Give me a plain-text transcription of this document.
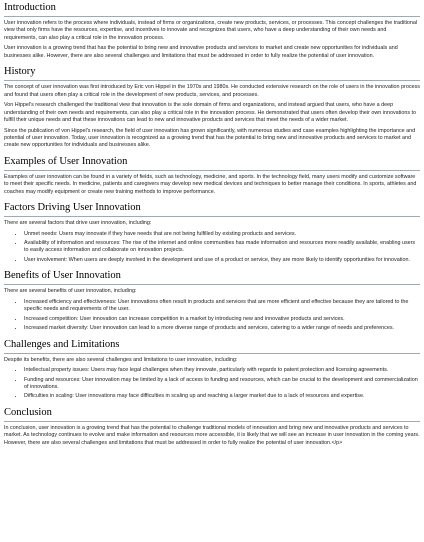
Introduction

User innovation refers to the process where individuals, instead of firms or organizations, create new products, services, or processes. This concept challenges the traditional view that only firms have the resources, expertise, and incentives to innovate and recognizes that users, who have a deep understanding of their own needs and requirements, can also play a critical role in the innovation process.

User innovation is a growing trend that has the potential to bring new and innovative products and services to market and create new opportunities for individuals and businesses alike. However, there are also several challenges and limitations that must be addressed in order to fully realize the potential of user innovation.

History

The concept of user innovation was first introduced by Eric von Hippel in the 1970s and 1980s. He conducted extensive research on the role of users in the innovation process and found that users often play a critical role in the development of new products, services, and processes.

Von Hippel's research challenged the traditional view that innovation is the sole domain of firms and organizations, and instead argued that users, who have a deep understanding of their own needs and requirements, can also play a critical role in the innovation process. He demonstrated that users often develop their own innovations to fulfill their unique needs and that these innovations can lead to new and innovative products and services that meet the needs of a wider market.

Since the publication of von Hippel's research, the field of user innovation has grown significantly, with numerous studies and case examples highlighting the importance and potential of user innovation. Today, user innovation is recognized as a growing trend that has the potential to bring new and innovative products and services to market and create new opportunities for individuals and businesses alike.

Examples of User Innovation

Examples of user innovation can be found in a variety of fields, such as technology, medicine, and sports. In the technology field, many users modify and customize software to meet their specific needs. In medicine, patients and caregivers may develop new medical devices and techniques to better manage their conditions. In sports, athletes and coaches may modify equipment or create new training methods to improve performance.

Factors Driving User Innovation

There are several factors that drive user innovation, including:

• Unmet needs: Users may innovate if they have needs that are not being fulfilled by existing products and services.
• Availability of information and resources: The rise of the internet and online communities has made information and resources more readily available, enabling users to easily access information and collaborate on innovation projects.
• User involvement: When users are deeply involved in the development and use of a product or service, they are more likely to identify opportunities for innovation.
Benefits of User Innovation

There are several benefits of user innovation, including:

• Increased efficiency and effectiveness: User innovations often result in products and services that are more efficient and effective because they are tailored to the specific needs and requirements of the user.
• Increased competition: User innovation can increase competition in a market by introducing new and innovative products and services.
• Increased market diversity: User innovation can lead to a more diverse range of products and services, catering to a wider range of needs and preferences.
Challenges and Limitations

Despite its benefits, there are also several challenges and limitations to user innovation, including:

• Intellectual property issues: Users may face legal challenges when they innovate, particularly with regards to patent protection and licensing agreements.
• Funding and resources: User innovation may be limited by a lack of access to funding and resources, which can be crucial to the development and commercialization of innovations.
• Difficulties in scaling: User innovations may face difficulties in scaling up and reaching a larger market due to a lack of resources and expertise.
Conclusion

In conclusion, user innovation is a growing trend that has the potential to challenge traditional models of innovation and bring new and innovative products and services to market. As technology continues to evolve and make information and resources more accessible, it is likely that we will see an increase in user innovation in the coming years. However, there are also several challenges and limitations that must be addressed in order to fully realize the potential of user innovation.</p>
